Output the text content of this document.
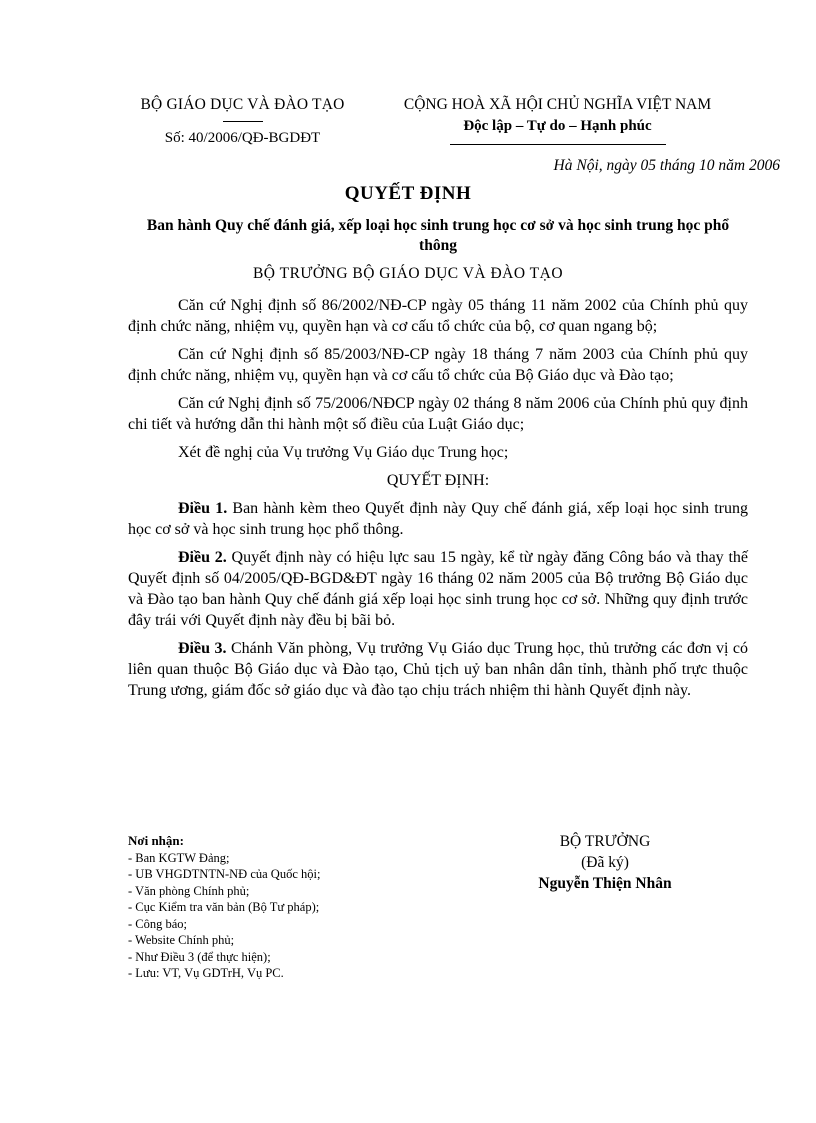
BỘ GIÁO DỤC VÀ ĐÀO TẠO
Số: 40/2006/QĐ-BGDĐT
CỘNG HOÀ XÃ HỘI CHỦ NGHĨA VIỆT NAM
Độc lập – Tự do – Hạnh phúc
Hà Nội, ngày 05 tháng 10 năm 2006
QUYẾT ĐỊNH
Ban hành Quy chế đánh giá, xếp loại học sinh trung học cơ sở và học sinh trung học phổ thông
BỘ TRƯỞNG BỘ GIÁO DỤC VÀ ĐÀO TẠO

Căn cứ Nghị định số 86/2002/NĐ-CP ngày 05 tháng 11 năm 2002 của Chính phủ quy định chức năng, nhiệm vụ, quyền hạn và cơ cấu tổ chức của bộ, cơ quan ngang bộ;

Căn cứ Nghị định số 85/2003/NĐ-CP ngày 18 tháng 7 năm 2003 của Chính phủ quy định chức năng, nhiệm vụ, quyền hạn và cơ cấu tổ chức của Bộ Giáo dục và Đào tạo;

Căn cứ Nghị định số 75/2006/NĐCP ngày 02 tháng 8 năm 2006 của Chính phủ quy định chi tiết và hướng dẫn thi hành một số điều của Luật Giáo dục;

Xét đề nghị của Vụ trưởng Vụ Giáo dục Trung học;

QUYẾT ĐỊNH:

Điều 1. Ban hành kèm theo Quyết định này Quy chế đánh giá, xếp loại học sinh trung học cơ sở và học sinh trung học phổ thông.

Điều 2. Quyết định này có hiệu lực sau 15 ngày, kể từ ngày đăng Công báo và thay thế Quyết định số 04/2005/QĐ-BGD&ĐT ngày 16 tháng 02 năm 2005 của Bộ trưởng Bộ Giáo dục và Đào tạo ban hành Quy chế đánh giá xếp loại học sinh trung học cơ sở. Những quy định trước đây trái với Quyết định này đều bị bãi bỏ.

Điều 3. Chánh Văn phòng, Vụ trưởng Vụ Giáo dục Trung học, thủ trưởng các đơn vị có liên quan thuộc Bộ Giáo dục và Đào tạo, Chủ tịch uỷ ban nhân dân tỉnh, thành phố trực thuộc Trung ương, giám đốc sở giáo dục và đào tạo chịu trách nhiệm thi hành Quyết định này.

Nơi nhận:
- Ban KGTW Đảng;
- UB VHGDTNTN-NĐ của Quốc hội;
- Văn phòng Chính phủ;
- Cục Kiểm tra văn bản (Bộ Tư pháp);
- Công báo;
- Website Chính phủ;
- Như Điều 3 (để thực hiện);
- Lưu: VT, Vụ GDTrH, Vụ PC.
BỘ TRƯỞNG
(Đã ký)
Nguyễn Thiện Nhân
